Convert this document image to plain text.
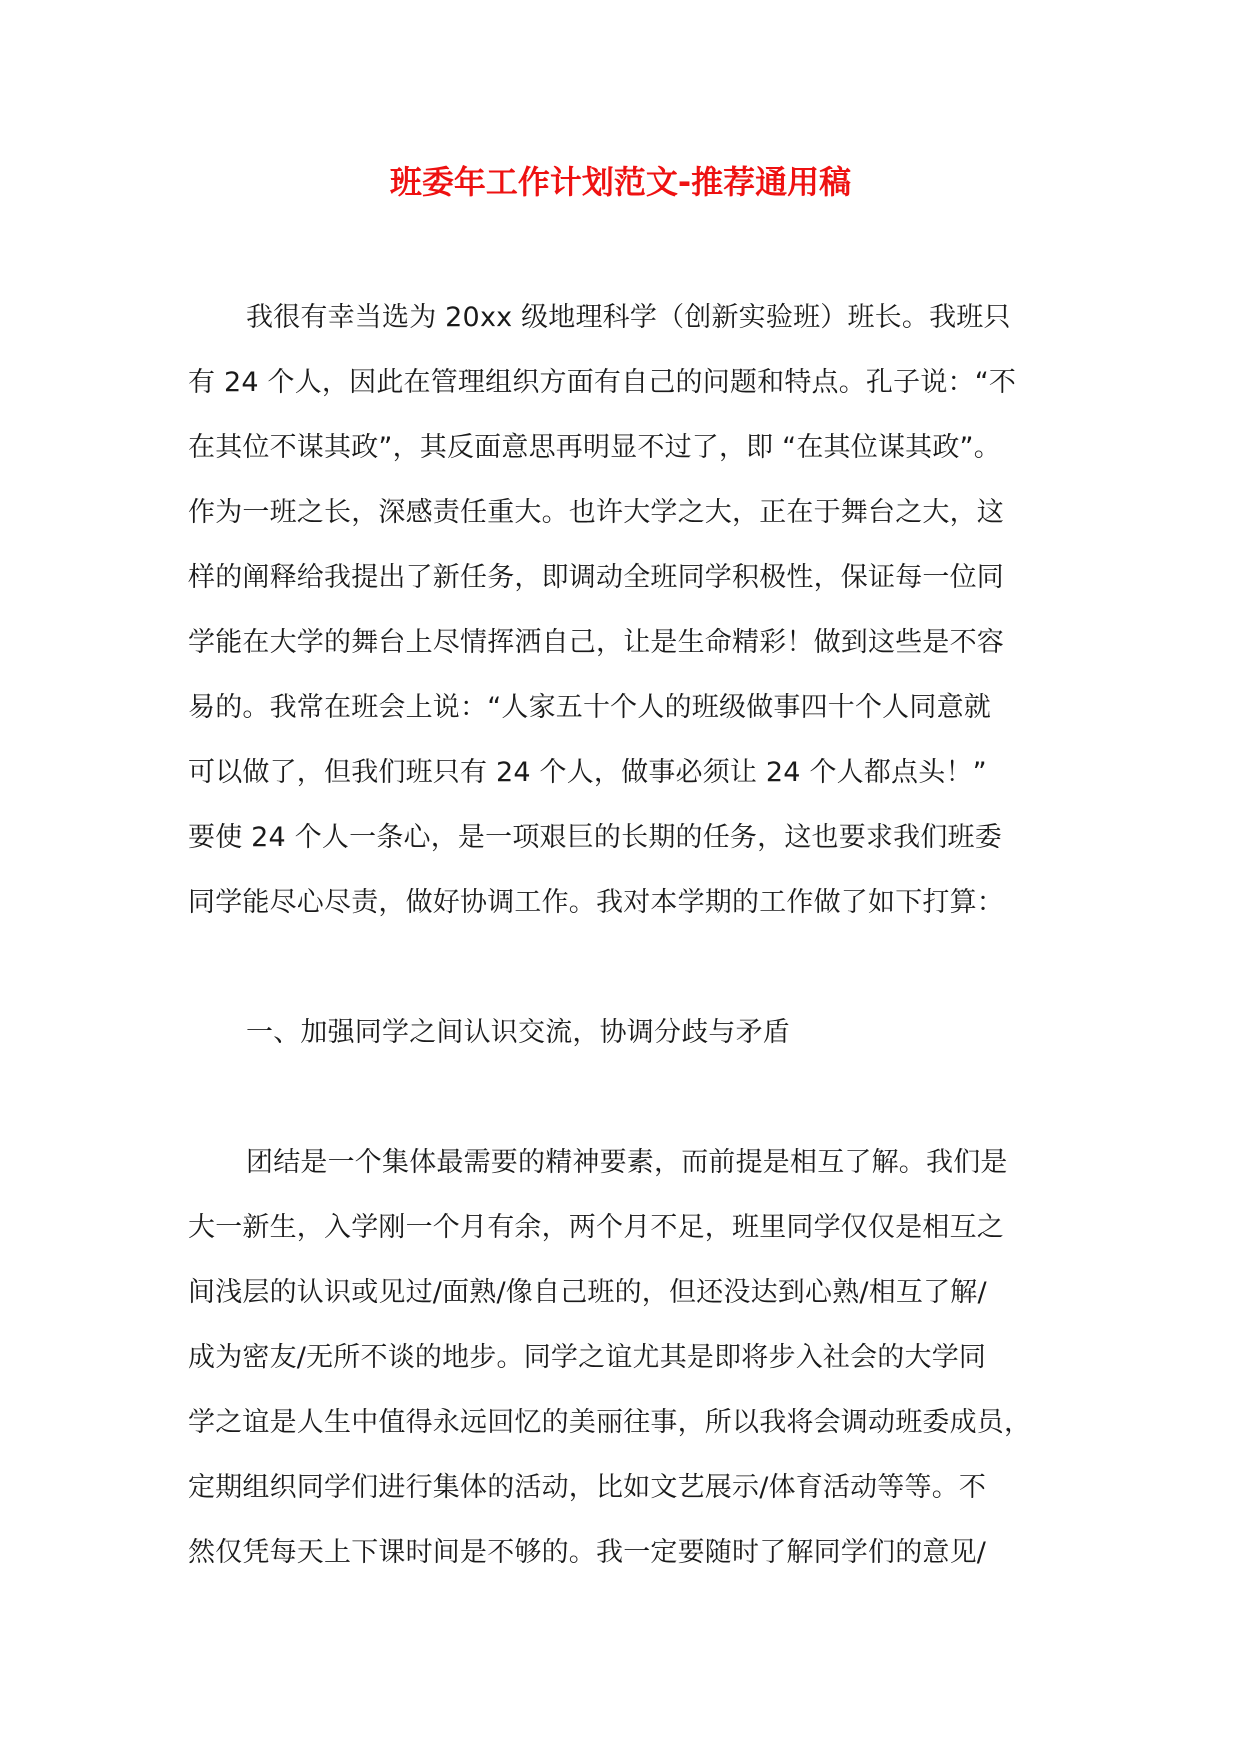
班委年工作计划范文-推荐通用稿
我很有幸当选为 20xx 级地理科学（创新实验班）班长。我班只
有 24 个人，因此在管理组织方面有自己的问题和特点。孔子说：“不
在其位不谋其政”，其反面意思再明显不过了，即 “在其位谋其政”。
作为一班之长，深感责任重大。也许大学之大，正在于舞台之大，这
样的阐释给我提出了新任务，即调动全班同学积极性，保证每一位同
学能在大学的舞台上尽情挥洒自己，让是生命精彩！做到这些是不容
易的。我常在班会上说：“人家五十个人的班级做事四十个人同意就
可以做了，但我们班只有 24 个人，做事必须让 24 个人都点头！”
要使 24 个人一条心，是一项艰巨的长期的任务，这也要求我们班委
同学能尽心尽责，做好协调工作。我对本学期的工作做了如下打算：
一、加强同学之间认识交流，协调分歧与矛盾
团结是一个集体最需要的精神要素，而前提是相互了解。我们是
大一新生，入学刚一个月有余，两个月不足，班里同学仅仅是相互之
间浅层的认识或见过/面熟/像自己班的，但还没达到心熟/相互了解/
成为密友/无所不谈的地步。同学之谊尤其是即将步入社会的大学同
学之谊是人生中值得永远回忆的美丽往事，所以我将会调动班委成员，
定期组织同学们进行集体的活动，比如文艺展示/体育活动等等。不
然仅凭每天上下课时间是不够的。我一定要随时了解同学们的意见/
